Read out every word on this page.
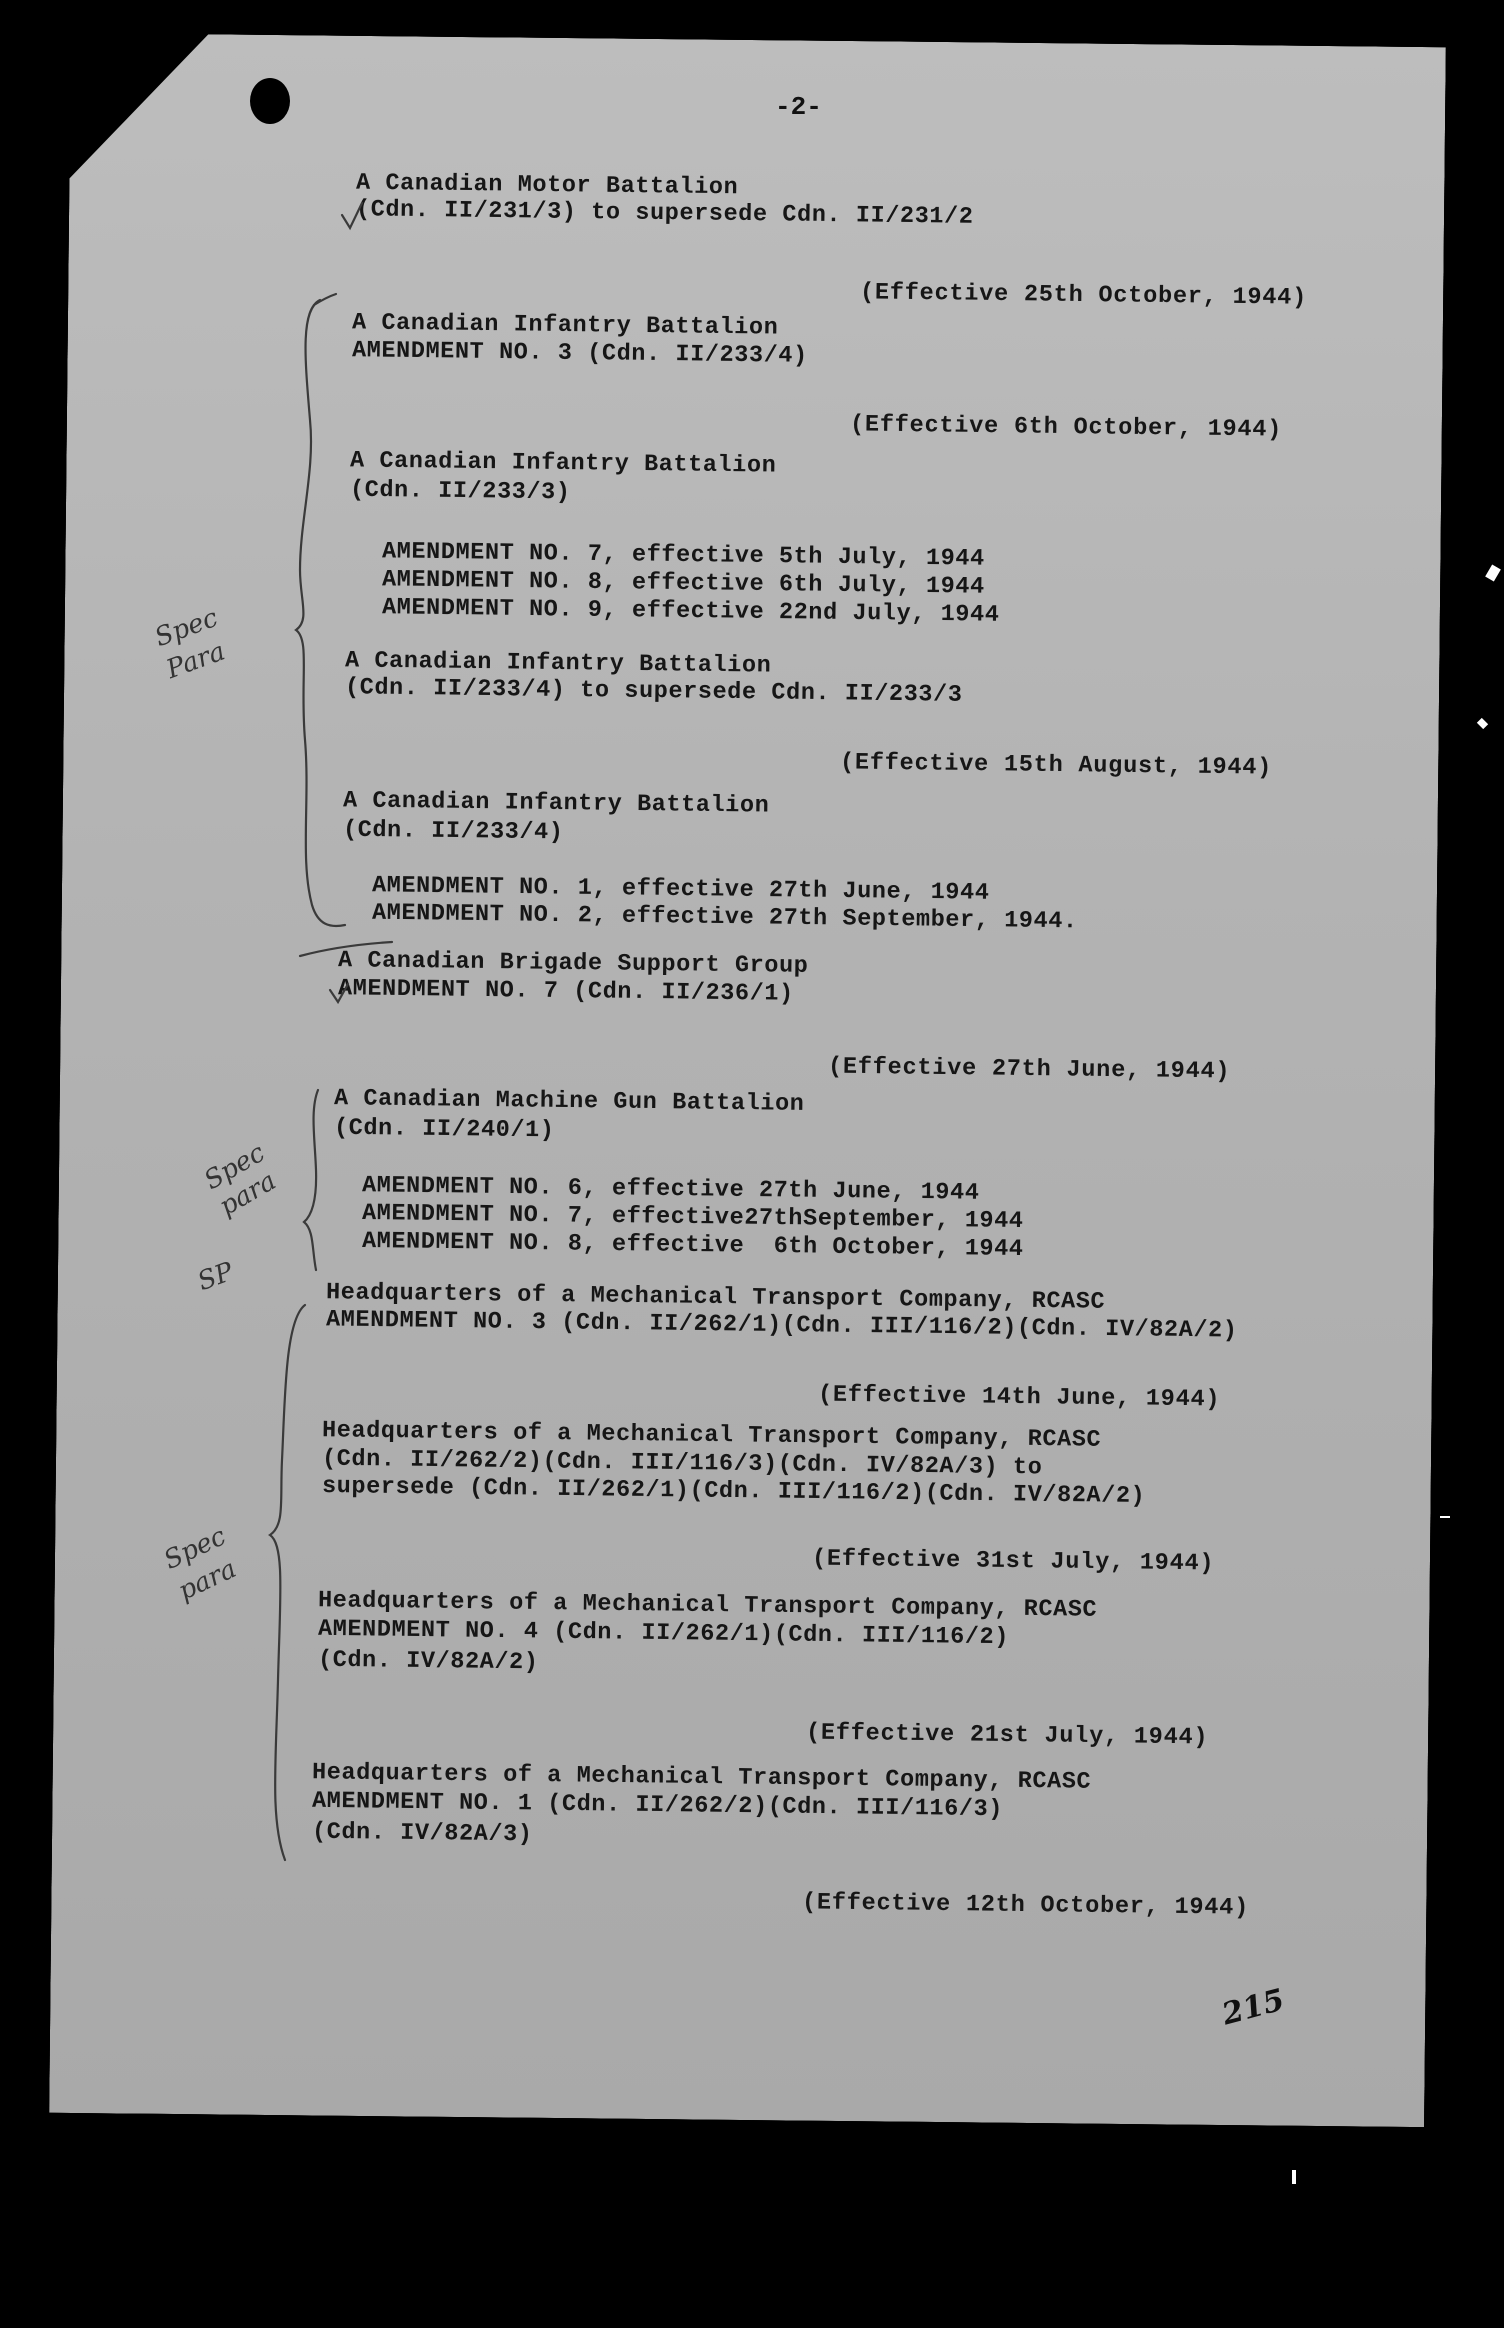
-2-
A Canadian Motor Battalion
(Cdn. II/231/3) to supersede Cdn. II/231/2
(Effective 25th October, 1944)
A Canadian Infantry Battalion
AMENDMENT NO. 3 (Cdn. II/233/4)
(Effective 6th October, 1944)
A Canadian Infantry Battalion
(Cdn. II/233/3)
AMENDMENT NO. 7, effective 5th July, 1944
AMENDMENT NO. 8, effective 6th July, 1944
AMENDMENT NO. 9, effective 22nd July, 1944
A Canadian Infantry Battalion
(Cdn. II/233/4) to supersede Cdn. II/233/3
(Effective 15th August, 1944)
A Canadian Infantry Battalion
(Cdn. II/233/4)
AMENDMENT NO. 1, effective 27th June, 1944
AMENDMENT NO. 2, effective 27th September, 1944.
A Canadian Brigade Support Group
AMENDMENT NO. 7 (Cdn. II/236/1)
(Effective 27th June, 1944)
A Canadian Machine Gun Battalion
(Cdn. II/240/1)
AMENDMENT NO. 6, effective 27th June, 1944
AMENDMENT NO. 7, effective27thSeptember, 1944
AMENDMENT NO. 8, effective  6th October, 1944
Headquarters of a Mechanical Transport Company, RCASC
AMENDMENT NO. 3 (Cdn. II/262/1)(Cdn. III/116/2)(Cdn. IV/82A/2)
(Effective 14th June, 1944)
Headquarters of a Mechanical Transport Company, RCASC
(Cdn. II/262/2)(Cdn. III/116/3)(Cdn. IV/82A/3) to
supersede (Cdn. II/262/1)(Cdn. III/116/2)(Cdn. IV/82A/2)
(Effective 31st July, 1944)
Headquarters of a Mechanical Transport Company, RCASC
AMENDMENT NO. 4 (Cdn. II/262/1)(Cdn. III/116/2)
(Cdn. IV/82A/2)
(Effective 21st July, 1944)
Headquarters of a Mechanical Transport Company, RCASC
AMENDMENT NO. 1 (Cdn. II/262/2)(Cdn. III/116/3)
(Cdn. IV/82A/3)
(Effective 12th October, 1944)
Spec
Para
Spec
para
SP
Spec
para
215
